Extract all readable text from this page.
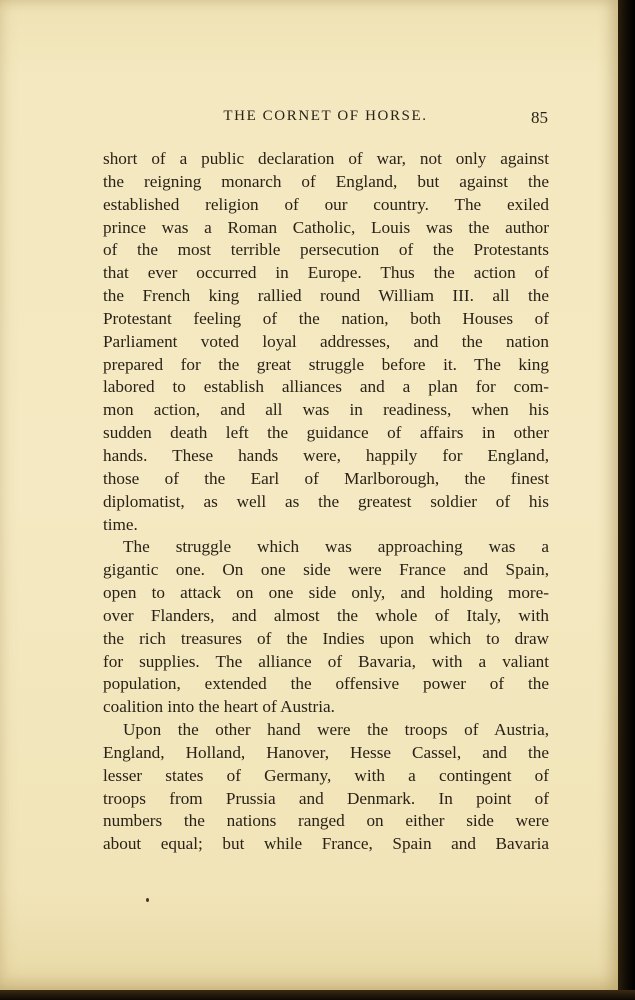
THE CORNET OF HORSE.	85
short of a public declaration of war, not only against
the reigning monarch of England, but against the
established religion of our country. The exiled
prince was a Roman Catholic, Louis was the author
of the most terrible persecution of the Protestants
that ever occurred in Europe. Thus the action of
the French king rallied round William III. all the
Protestant feeling of the nation, both Houses of
Parliament voted loyal addresses, and the nation
prepared for the great struggle before it. The king
labored to establish alliances and a plan for com-
mon action, and all was in readiness, when his
sudden death left the guidance of affairs in other
hands. These hands were, happily for England,
those of the Earl of Marlborough, the finest
diplomatist, as well as the greatest soldier of his
time.
The struggle which was approaching was a
gigantic one. On one side were France and Spain,
open to attack on one side only, and holding more-
over Flanders, and almost the whole of Italy, with
the rich treasures of the Indies upon which to draw
for supplies. The alliance of Bavaria, with a valiant
population, extended the offensive power of the
coalition into the heart of Austria.
Upon the other hand were the troops of Austria,
England, Holland, Hanover, Hesse Cassel, and the
lesser states of Germany, with a contingent of
troops from Prussia and Denmark. In point of
numbers the nations ranged on either side were
about equal; but while France, Spain and Bavaria
